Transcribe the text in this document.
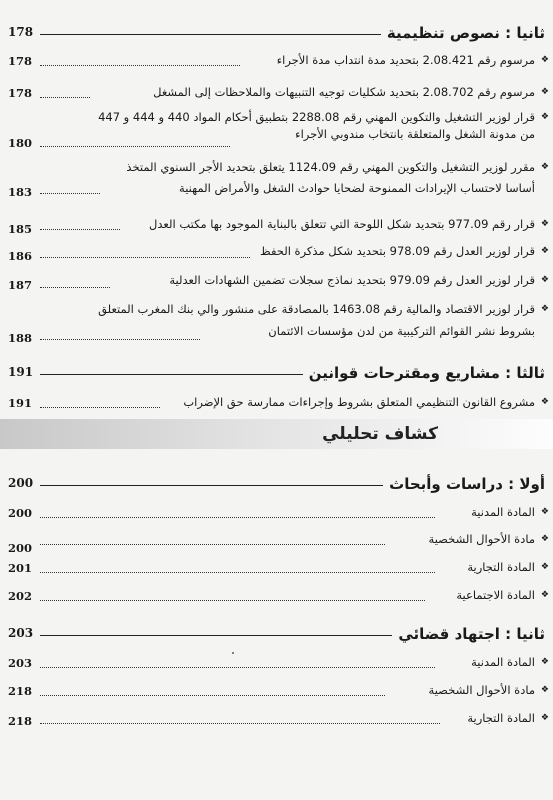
ثانيا : نصوص تنظيمية
178
❖
مرسوم رقم 2.08.421 بتحديد مدة انتداب مدة الأجراء
178
❖
مرسوم رقم 2.08.702 بتحديد شكليات توجيه التنبيهات والملاحظات إلى المشغل
178
❖
قرار لوزير التشغيل والتكوين المهني رقم 2288.08 بتطبيق أحكام المواد 440 و 444 و 447
من مدونة الشغل والمتعلقة بانتخاب مندوبي الأجراء
180
❖
مقرر لوزير التشغيل والتكوين المهني رقم 1124.09 يتعلق بتحديد الأجر السنوي المتخذ
أساسا لاحتساب الإيرادات الممنوحة لضحايا حوادث الشغل والأمراض المهنية
183
❖
قرار رقم 977.09 بتحديد شكل اللوحة التي تتعلق بالبناية الموجود بها مكتب العدل
185
❖
قرار لوزير العدل رقم 978.09 بتحديد شكل مذكرة الحفظ
186
❖
قرار لوزير العدل رقم 979.09 بتحديد نماذج سجلات تضمين الشهادات العدلية
187
❖
قرار لوزير الاقتصاد والمالية رقم 1463.08 بالمصادقة على منشور والي بنك المغرب المتعلق
بشروط نشر القوائم التركيبية من لدن مؤسسات الائتمان
188
ثالثا : مشاريع ومقترحات قوانين
191
❖
مشروع القانون التنظيمي المتعلق بشروط وإجراءات ممارسة حق الإضراب
191
كشاف تحليلي
أولا : دراسات وأبحاث
200
❖
المادة المدنية
200
❖
مادة الأحوال الشخصية
200
❖
المادة التجارية
201
❖
المادة الاجتماعية
202
ثانيا : اجتهاد قضائي
203
❖
المادة المدنية
203
❖
مادة الأحوال الشخصية
218
❖
المادة التجارية
218
